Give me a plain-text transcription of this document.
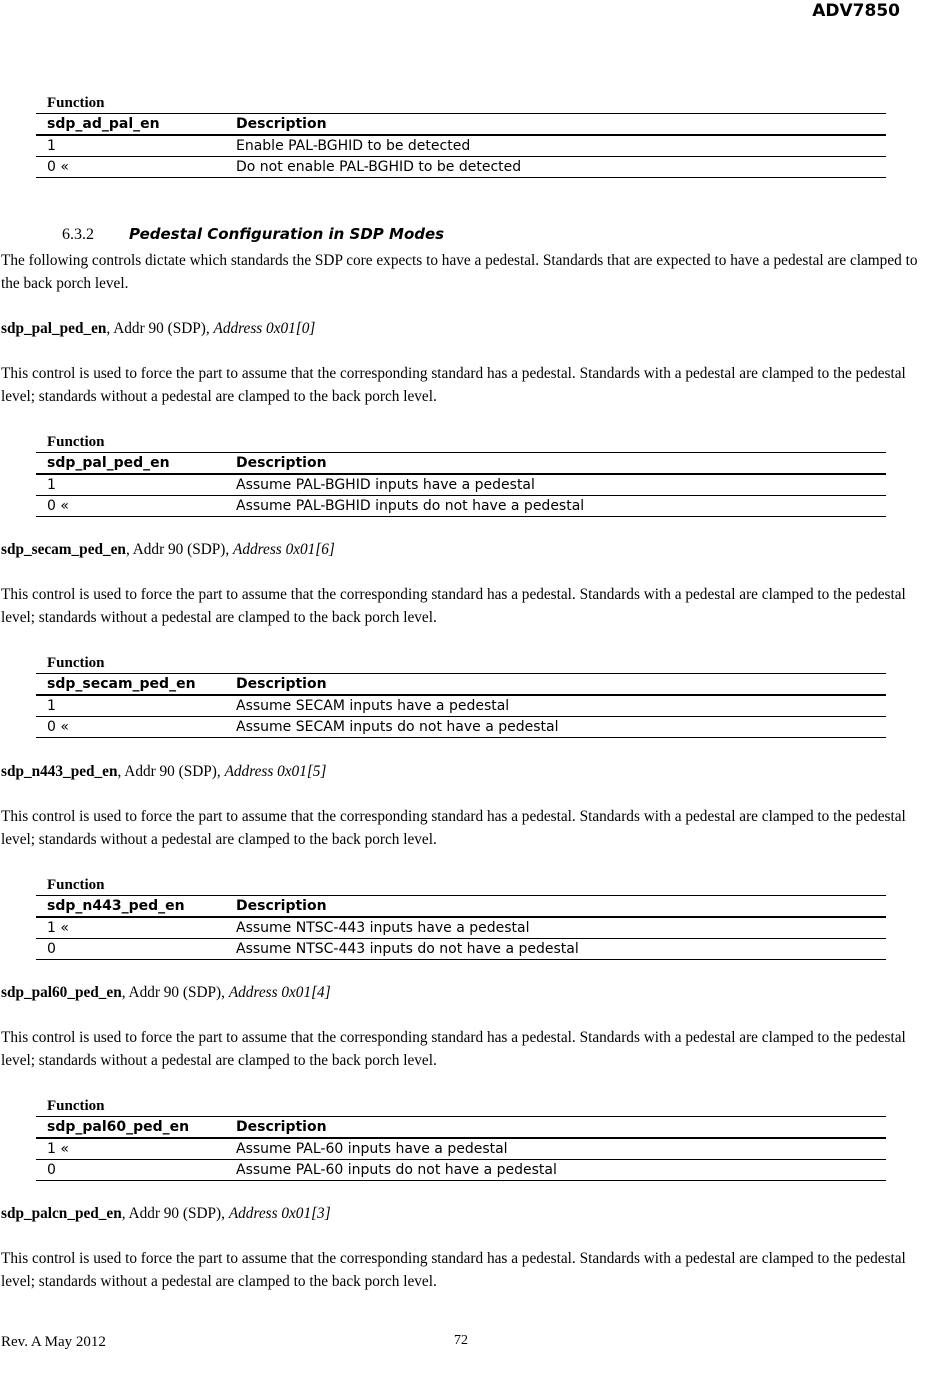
ADV7850
Function
sdp_ad_pal_en	Description
1	Enable PAL-BGHID to be detected
0 «	Do not enable PAL-BGHID to be detected
6.3.2 Pedestal Configuration in SDP Modes

The following controls dictate which standards the SDP core expects to have a pedestal. Standards that are expected to have a pedestal are clamped to the back porch level.

sdp_pal_ped_en, Addr 90 (SDP), Address 0x01[0]

This control is used to force the part to assume that the corresponding standard has a pedestal. Standards with a pedestal are clamped to the pedestal level; standards without a pedestal are clamped to the back porch level.

Function
sdp_pal_ped_en	Description
1	Assume PAL-BGHID inputs have a pedestal
0 «	Assume PAL-BGHID inputs do not have a pedestal
sdp_secam_ped_en, Addr 90 (SDP), Address 0x01[6]

This control is used to force the part to assume that the corresponding standard has a pedestal. Standards with a pedestal are clamped to the pedestal level; standards without a pedestal are clamped to the back porch level.

Function
sdp_secam_ped_en	Description
1	Assume SECAM inputs have a pedestal
0 «	Assume SECAM inputs do not have a pedestal
sdp_n443_ped_en, Addr 90 (SDP), Address 0x01[5]

This control is used to force the part to assume that the corresponding standard has a pedestal. Standards with a pedestal are clamped to the pedestal level; standards without a pedestal are clamped to the back porch level.

Function
sdp_n443_ped_en	Description
1 «	Assume NTSC-443 inputs have a pedestal
0	Assume NTSC-443 inputs do not have a pedestal
sdp_pal60_ped_en, Addr 90 (SDP), Address 0x01[4]

This control is used to force the part to assume that the corresponding standard has a pedestal. Standards with a pedestal are clamped to the pedestal level; standards without a pedestal are clamped to the back porch level.

Function
sdp_pal60_ped_en	Description
1 «	Assume PAL-60 inputs have a pedestal
0	Assume PAL-60 inputs do not have a pedestal
sdp_palcn_ped_en, Addr 90 (SDP), Address 0x01[3]

This control is used to force the part to assume that the corresponding standard has a pedestal. Standards with a pedestal are clamped to the pedestal level; standards without a pedestal are clamped to the back porch level.

Rev. A May 2012	72
